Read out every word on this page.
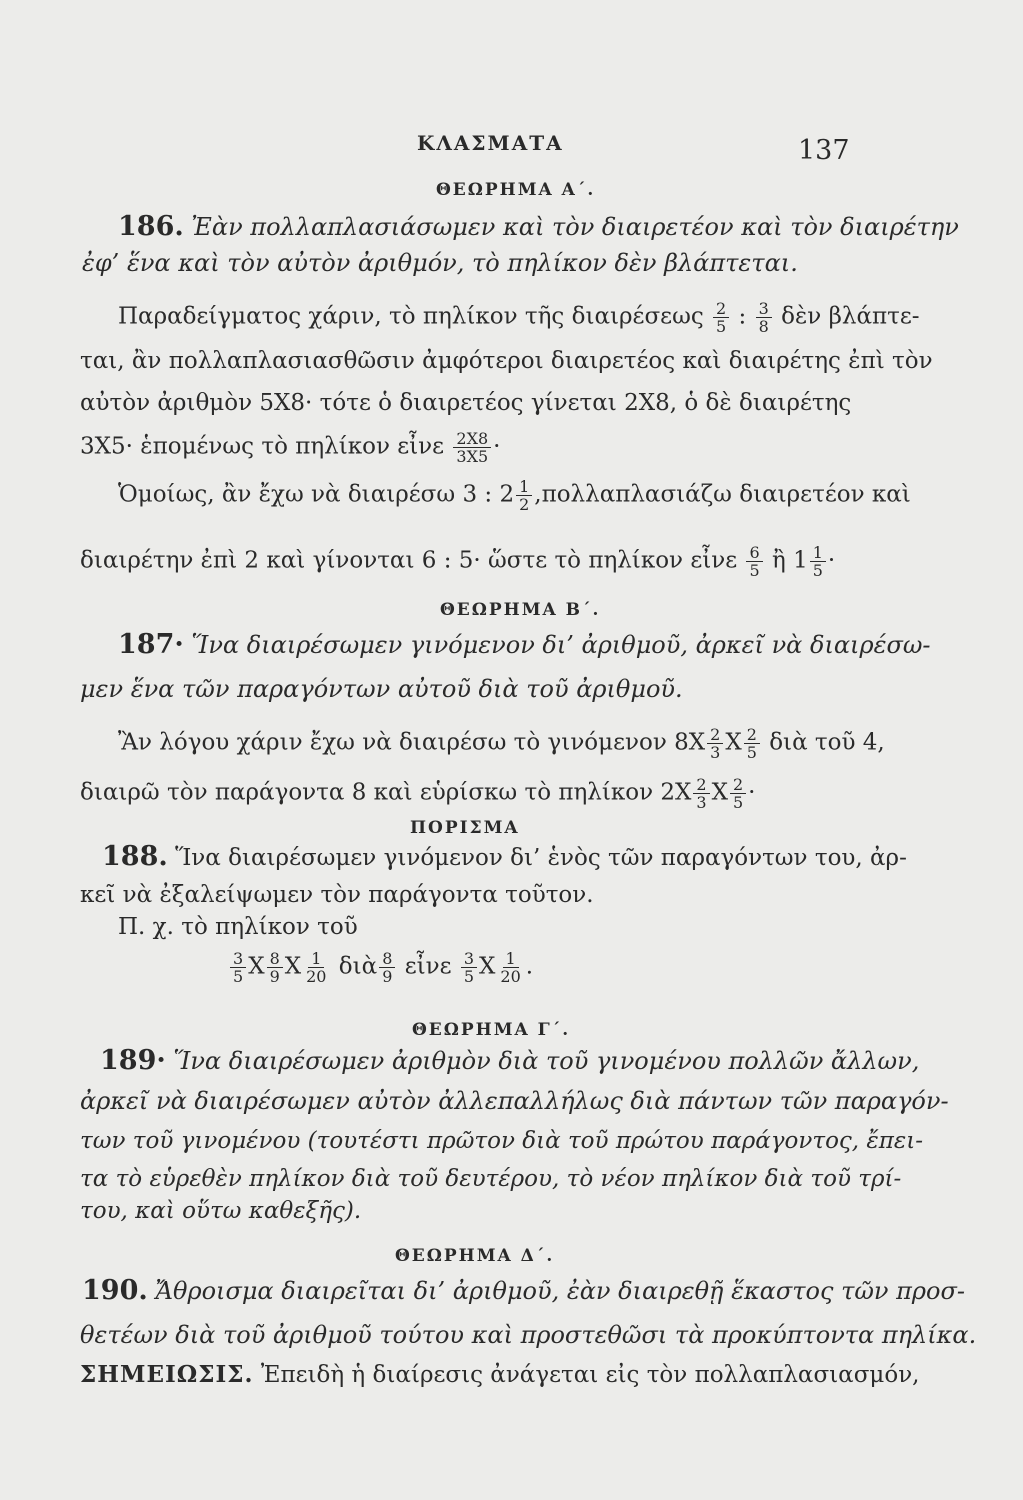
ΚΛΑΣΜΑΤΑ	137
ΘΕΩΡΗΜΑ Α΄.
186. Ἐὰν πολλαπλασιάσωμεν καὶ τὸν διαιρετέον καὶ τὸν διαιρέτην
ἐφ’ ἕνα καὶ τὸν αὐτὸν ἀριθμόν, τὸ πηλίκον δὲν βλάπτεται.
Παραδείγματος χάριν, τὸ πηλίκον τῆς διαιρέσεως $\frac{2}{5}$ : $\frac{3}{8}$ δὲν βλάπτε-
ται, ἂν πολλαπλασιασθῶσιν ἀμφότεροι διαιρετέος καὶ διαιρέτης ἐπὶ τὸν
αὐτὸν ἀριθμὸν 5X8· τότε ὁ διαιρετέος γίνεται 2X8, ὁ δὲ διαιρέτης
3X5· ἑπομένως τὸ πηλίκον εἶνε $\frac{2X8}{3X5}$ ·
Ὁμοίως, ἂν ἔχω νὰ διαιρέσω 3 : $2 \frac{1}{2} ,\pi o\lambda\lambda\alpha\pi\lambda\alpha\sigma\iota ά\zeta\omega$ διαιρετέον καὶ
διαιρέτην ἐπὶ 2 καὶ γίνονται 6 : 5· ὥστε τὸ πηλίκον εἶνε $\frac{6}{5}$ ἢ $1 \frac{1}{5}$ ·
ΘΕΩΡΗΜΑ Β΄.
187· Ἵνα διαιρέσωμεν γινόμενον δι’ ἀριθμοῦ, ἀρκεῖ νὰ διαιρέσω-
μεν ἕνα τῶν παραγόντων αὐτοῦ διὰ τοῦ ἀριθμοῦ.
Ἂν λόγου χάριν ἔχω νὰ διαιρέσω τὸ γινόμενον $8X \frac{2}{3}$ X $\frac{2}{5}$ διὰ τοῦ 4,
διαιρῶ τὸν παράγοντα 8 καὶ εὑρίσκω τὸ πηλίκον $2X \frac{2}{3}$ X $\frac{2}{5}$ ·
ΠΟΡΙΣΜΑ
188. Ἵνα διαιρέσωμεν γινόμενον δι’ ἑνὸς τῶν παραγόντων του, ἀρ-
κεῖ νὰ ἐξαλείψωμεν τὸν παράγοντα τοῦτον.
Π. χ. τὸ πηλίκον τοῦ
$\frac{3}{5}$ X $\frac{8}{9}$ X $\frac{1}{20}$ διὰ $\frac{8}{9}$ εἶνε $\frac{3}{5}$ X $\frac{1}{20}$ .
ΘΕΩΡΗΜΑ Γ΄.
189· Ἵνα διαιρέσωμεν ἀριθμὸν διὰ τοῦ γινομένου πολλῶν ἄλλων,
ἀρκεῖ νὰ διαιρέσωμεν αὐτὸν ἀλλεπαλλήλως διὰ πάντων τῶν παραγόν-
των τοῦ γινομένου (τουτέστι πρῶτον διὰ τοῦ πρώτου παράγοντος, ἔπει-
τα τὸ εὑρεθὲν πηλίκον διὰ τοῦ δευτέρου, τὸ νέον πηλίκον διὰ τοῦ τρί-
του, καὶ οὕτω καθεξῆς).
ΘΕΩΡΗΜΑ Δ΄.
190. Ἄθροισμα διαιρεῖται δι’ ἀριθμοῦ, ἐὰν διαιρεθῇ ἕκαστος τῶν προσ-
θετέων διὰ τοῦ ἀριθμοῦ τούτου καὶ προστεθῶσι τὰ προκύπτοντα πηλίκα.
ΣΗΜΕΙΩΣΙΣ. Ἐπειδὴ ἡ διαίρεσις ἀνάγεται εἰς τὸν πολλαπλασιασμόν,
